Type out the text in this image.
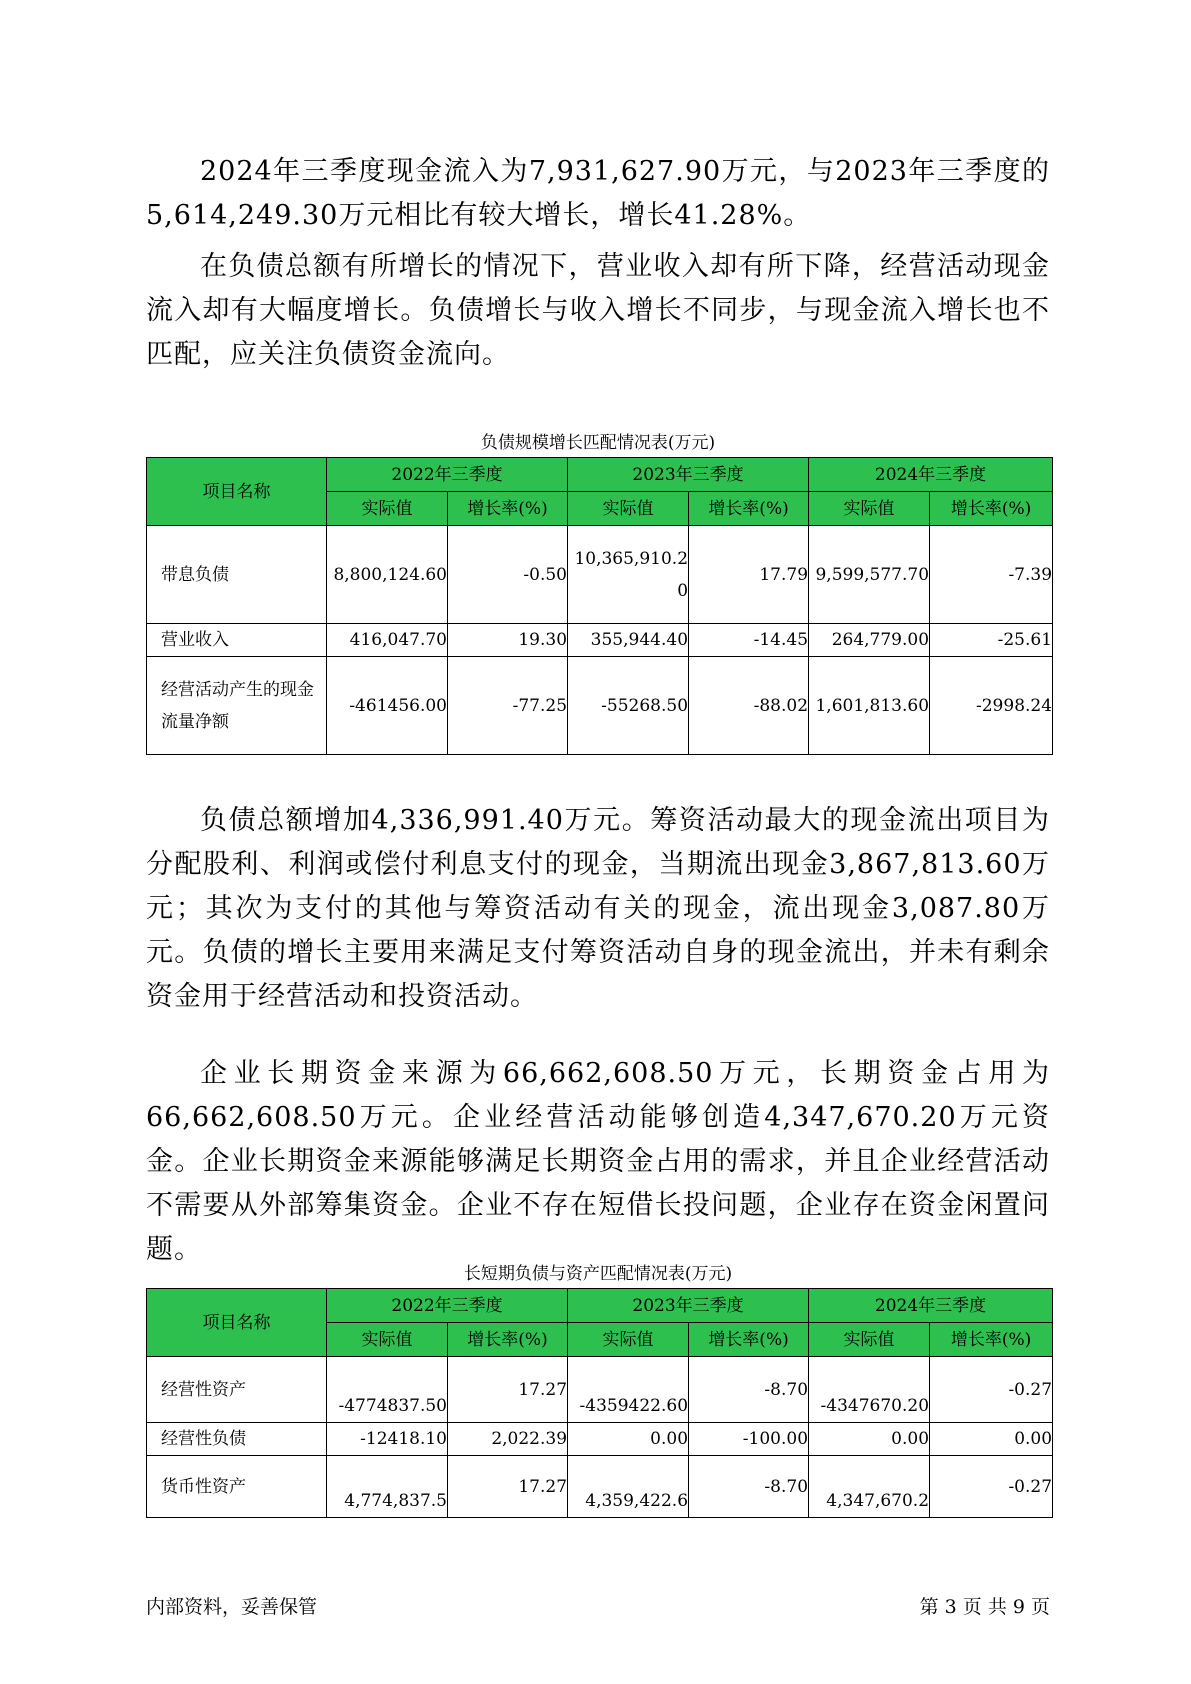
2024年三季度现金流入为7,931,627.90万元，与2023年三季度的5,614,249.30万元相比有较大增长，增长41.28%。

在负债总额有所增长的情况下，营业收入却有所下降，经营活动现金流入却有大幅度增长。负债增长与收入增长不同步，与现金流入增长也不匹配，应关注负债资金流向。

负债规模增长匹配情况表(万元)
项目名称	2022年三季度		2023年三季度		2024年三季度	
	实际值	增长率(%)	实际值	增长率(%)	实际值	增长率(%)
带息负债	8,800,124.60	-0.50	10,365,910.20	17.79	9,599,577.70	-7.39
营业收入	416,047.70	19.30	355,944.40	-14.45	264,779.00	-25.61
经营活动产生的现金流量净额	-461456.00	-77.25	-55268.50	-88.02	1,601,813.60	-2998.24

负债总额增加4,336,991.40万元。筹资活动最大的现金流出项目为分配股利、利润或偿付利息支付的现金，当期流出现金3,867,813.60万元；其次为支付的其他与筹资活动有关的现金，流出现金3,087.80万元。负债的增长主要用来满足支付筹资活动自身的现金流出，并未有剩余资金用于经营活动和投资活动。

企业长期资金来源为66,662,608.50万元，长期资金占用为66,662,608.50万元。企业经营活动能够创造4,347,670.20万元资金。企业长期资金来源能够满足长期资金占用的需求，并且企业经营活动不需要从外部筹集资金。企业不存在短借长投问题，企业存在资金闲置问题。

长短期负债与资产匹配情况表(万元)
项目名称	2022年三季度		2023年三季度		2024年三季度	
	实际值	增长率(%)	实际值	增长率(%)	实际值	增长率(%)
经营性资产	-4774837.50	17.27	-4359422.60	-8.70	-4347670.20	-0.27
经营性负债	-12418.10	2,022.39	0.00	-100.00	0.00	0.00
货币性资产	4,774,837.5	17.27	4,359,422.6	-8.70	4,347,670.2	-0.27
内部资料，妥善保管	第 3 页 共 9 页
